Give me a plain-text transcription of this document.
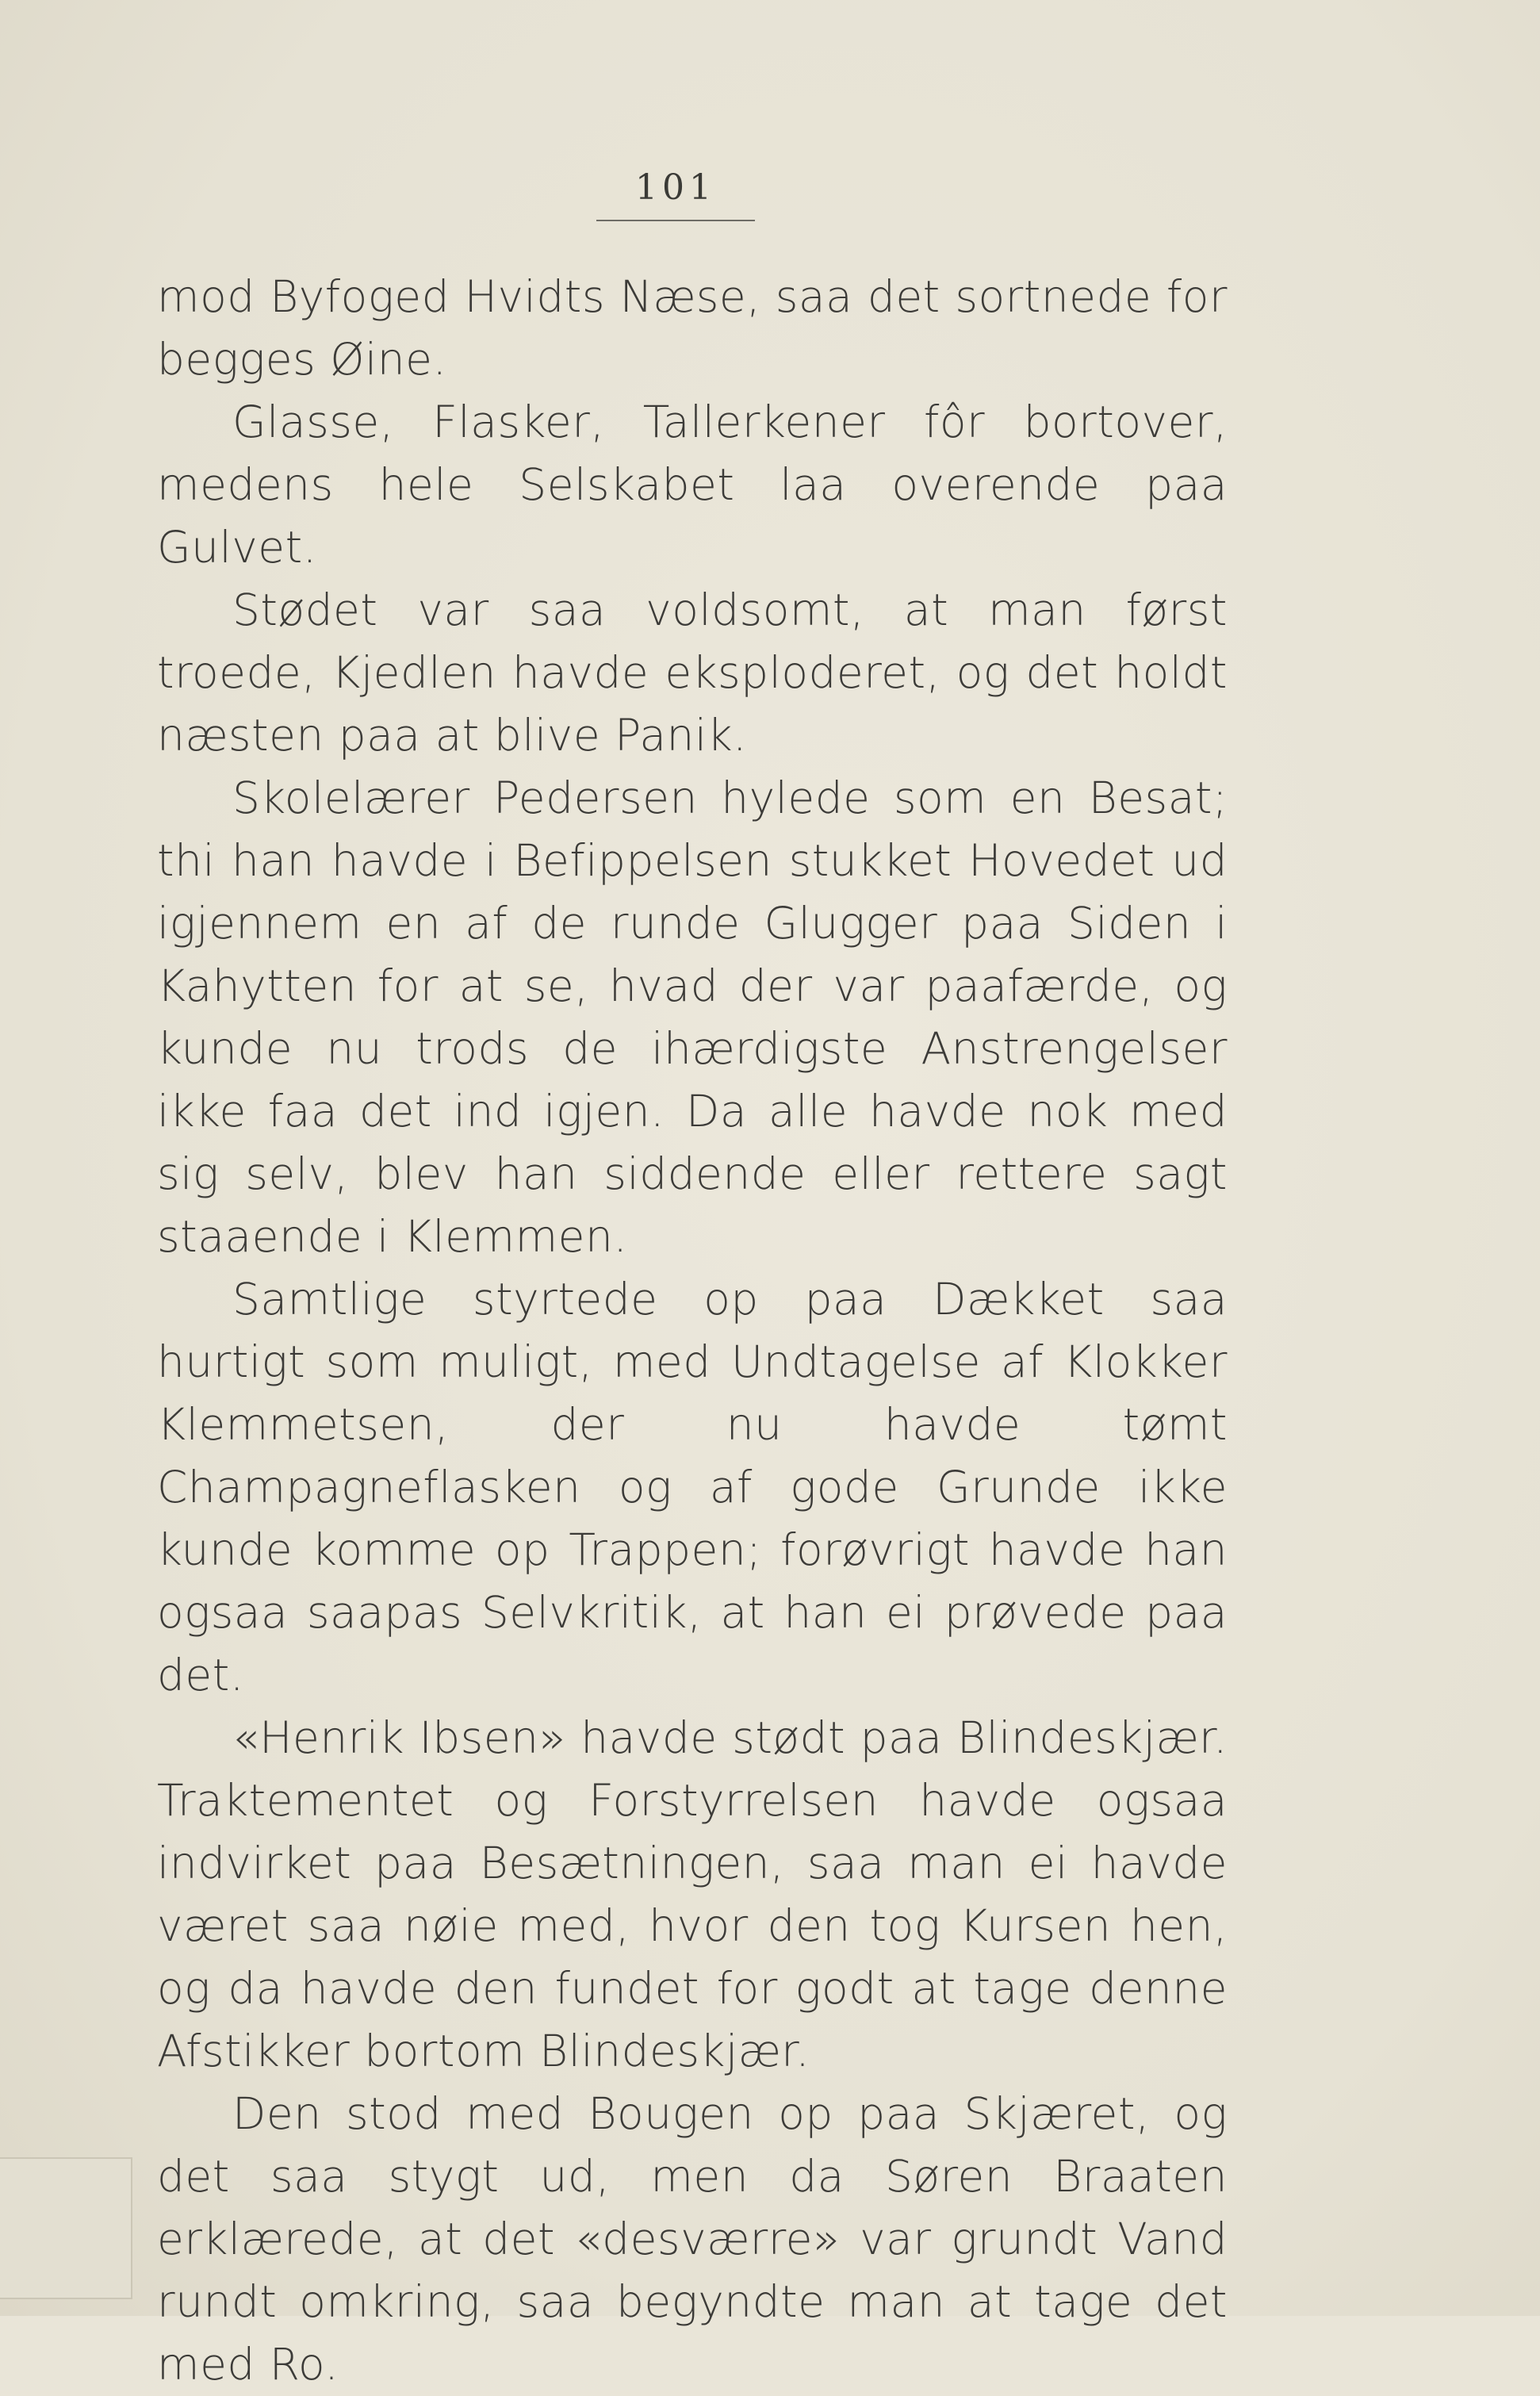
101

mod Byfoged Hvidts Næse, saa det sortnede for begges Øine.

Glasse, Flasker, Tallerkener fôr bortover, medens hele Selskabet laa overende paa Gulvet.

Stødet var saa voldsomt, at man først troede, Kjedlen havde eksploderet, og det holdt næsten paa at blive Panik.

Skolelærer Pedersen hylede som en Besat; thi han havde i Befippelsen stukket Hovedet ud igjennem en af de runde Glugger paa Siden i Kahytten for at se, hvad der var paafærde, og kunde nu trods de ihærdigste Anstrengelser ikke faa det ind igjen. Da alle havde nok med sig selv, blev han siddende eller rettere sagt staaende i Klemmen.

Samtlige styrtede op paa Dækket saa hurtigt som muligt, med Undtagelse af Klokker Klemmetsen, der nu havde tømt Champagneflasken og af gode Grunde ikke kunde komme op Trappen; forøvrigt havde han ogsaa saapas Selvkritik, at han ei prøvede paa det.

«Henrik Ibsen» havde stødt paa Blindeskjær. Traktementet og Forstyrrelsen havde ogsaa indvirket paa Besætningen, saa man ei havde været saa nøie med, hvor den tog Kursen hen, og da havde den fundet for godt at tage denne Afstikker bortom Blindeskjær.

Den stod med Bougen op paa Skjæret, og det saa stygt ud, men da Søren Braaten erklærede, at det «desværre» var grundt Vand rundt omkring, saa begyndte man at tage det med Ro.
